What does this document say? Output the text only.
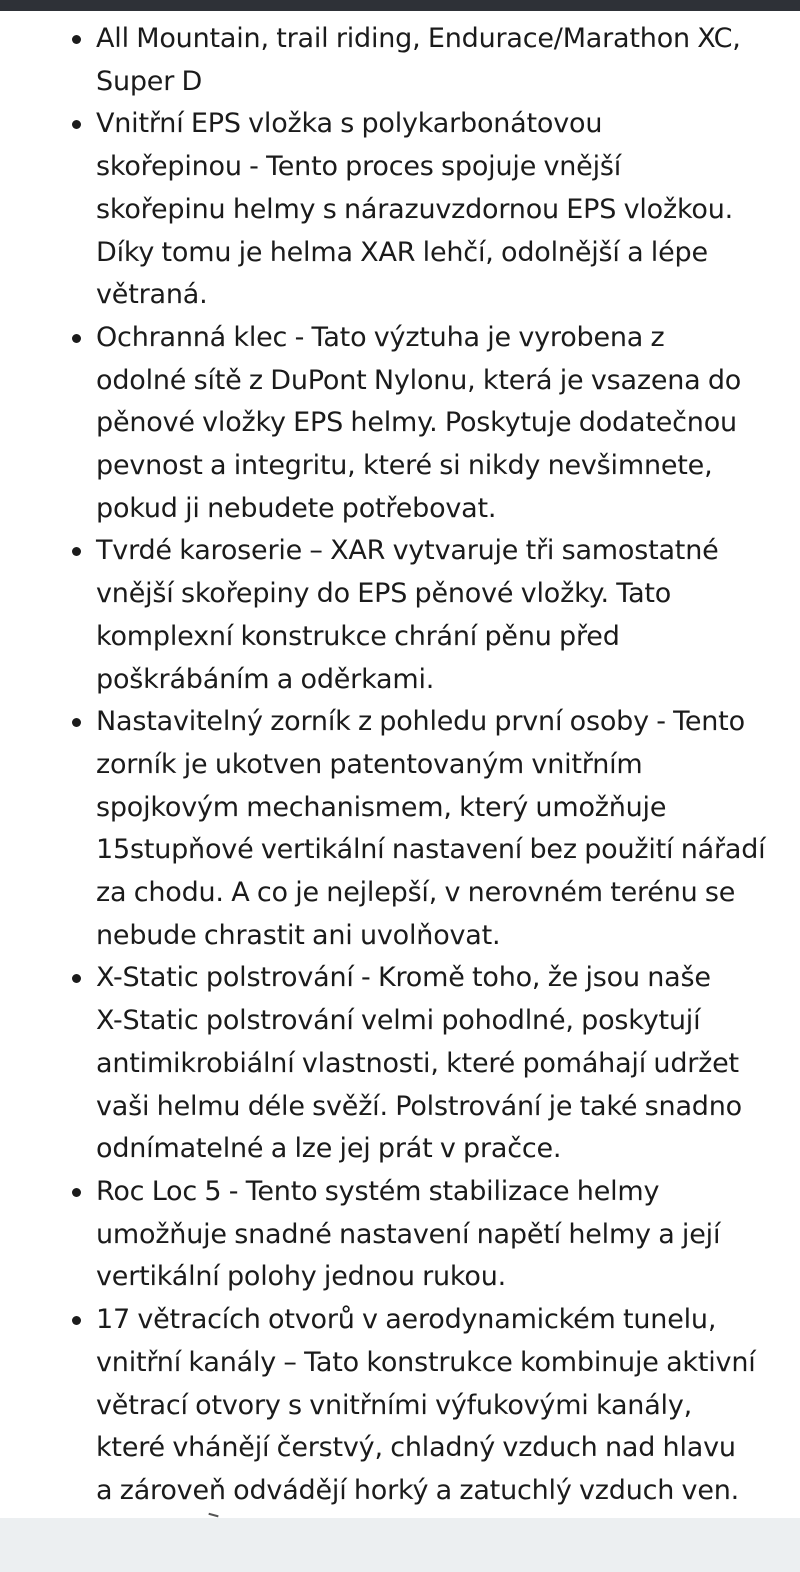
All Mountain, trail riding, Endurace/Marathon XC,
Super D
Vnitřní EPS vložka s polykarbonátovou
skořepinou - Tento proces spojuje vnější
skořepinu helmy s nárazuvzdornou EPS vložkou.
Díky tomu je helma XAR lehčí, odolnější a lépe
větraná.
Ochranná klec - Tato výztuha je vyrobena z
odolné sítě z DuPont Nylonu, která je vsazena do
pěnové vložky EPS helmy. Poskytuje dodatečnou
pevnost a integritu, které si nikdy nevšimnete,
pokud ji nebudete potřebovat.
Tvrdé karoserie – XAR vytvaruje tři samostatné
vnější skořepiny do EPS pěnové vložky. Tato
komplexní konstrukce chrání pěnu před
poškrábáním a oděrkami.
Nastavitelný zorník z pohledu první osoby - Tento
zorník je ukotven patentovaným vnitřním
spojkovým mechanismem, který umožňuje
15stupňové vertikální nastavení bez použití nářadí
za chodu. A co je nejlepší, v nerovném terénu se
nebude chrastit ani uvolňovat.
X-Static polstrování - Kromě toho, že jsou naše
X-Static polstrování velmi pohodlné, poskytují
antimikrobiální vlastnosti, které pomáhají udržet
vaši helmu déle svěží. Polstrování je také snadno
odnímatelné a lze jej prát v pračce.
Roc Loc 5 - Tento systém stabilizace helmy
umožňuje snadné nastavení napětí helmy a její
vertikální polohy jednou rukou.
17 větracích otvorů v aerodynamickém tunelu,
vnitřní kanály – Tato konstrukce kombinuje aktivní
větrací otvory s vnitřními výfukovými kanály,
které vhánějí čerstvý, chladný vzduch nad hlavu
a zároveň odvádějí horký a zatuchlý vzduch ven.
